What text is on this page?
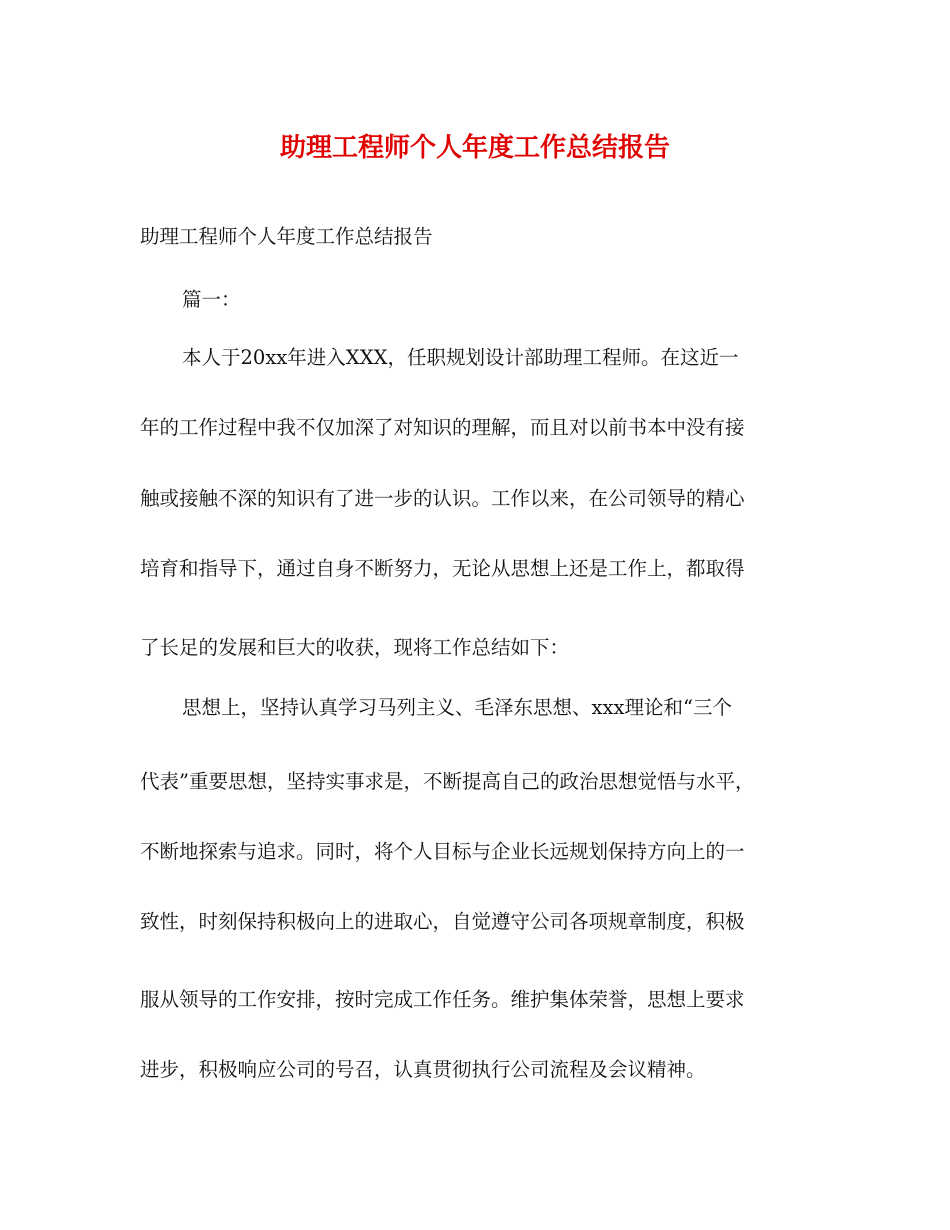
助理工程师个人年度工作总结报告
助理工程师个人年度工作总结报告
篇一：
本人于20xx年进入XXX，任职规划设计部助理工程师。在这近一
年的工作过程中我不仅加深了对知识的理解，而且对以前书本中没有接
触或接触不深的知识有了进一步的认识。工作以来，在公司领导的精心
培育和指导下，通过自身不断努力，无论从思想上还是工作上，都取得
了长足的发展和巨大的收获，现将工作总结如下：
思想上，坚持认真学习马列主义、毛泽东思想、xxx理论和“三个
代表”重要思想，坚持实事求是，不断提高自己的政治思想觉悟与水平，
不断地探索与追求。同时，将个人目标与企业长远规划保持方向上的一
致性，时刻保持积极向上的进取心，自觉遵守公司各项规章制度，积极
服从领导的工作安排，按时完成工作任务。维护集体荣誉，思想上要求
进步，积极响应公司的号召，认真贯彻执行公司流程及会议精神。
